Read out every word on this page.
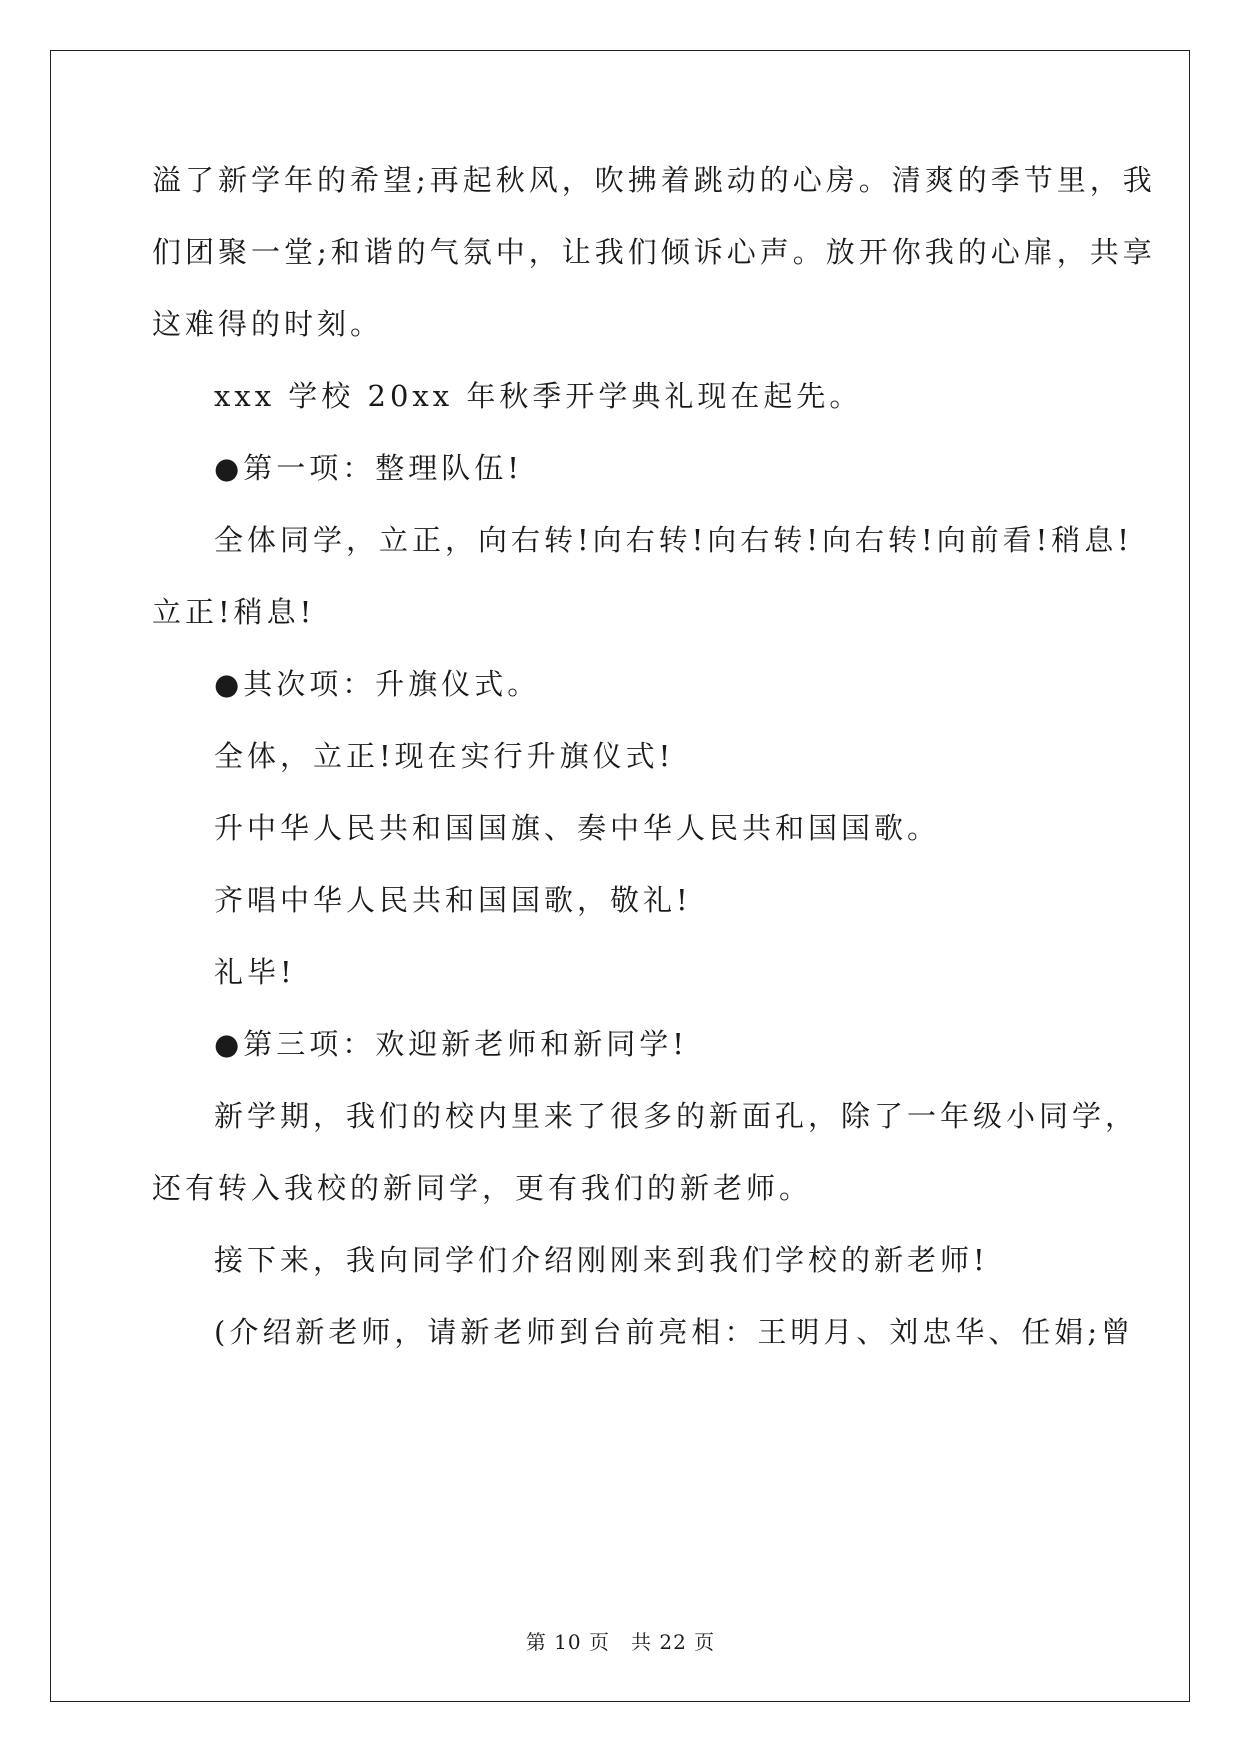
溢了新学年的希望;再起秋风，吹拂着跳动的心房。清爽的季节里，我
们团聚一堂;和谐的气氛中，让我们倾诉心声。放开你我的心扉，共享
这难得的时刻。
xxx 学校 20xx 年秋季开学典礼现在起先。
●第一项：整理队伍!
全体同学，立正，向右转!向右转!向右转!向右转!向前看!稍息!
立正!稍息!
●其次项：升旗仪式。
全体，立正!现在实行升旗仪式!
升中华人民共和国国旗、奏中华人民共和国国歌。
齐唱中华人民共和国国歌，敬礼!
礼毕!
●第三项：欢迎新老师和新同学!
新学期，我们的校内里来了很多的新面孔，除了一年级小同学，
还有转入我校的新同学，更有我们的新老师。
接下来，我向同学们介绍刚刚来到我们学校的新老师!
(介绍新老师，请新老师到台前亮相：王明月、刘忠华、任娟;曾
第 10 页　共 22 页
